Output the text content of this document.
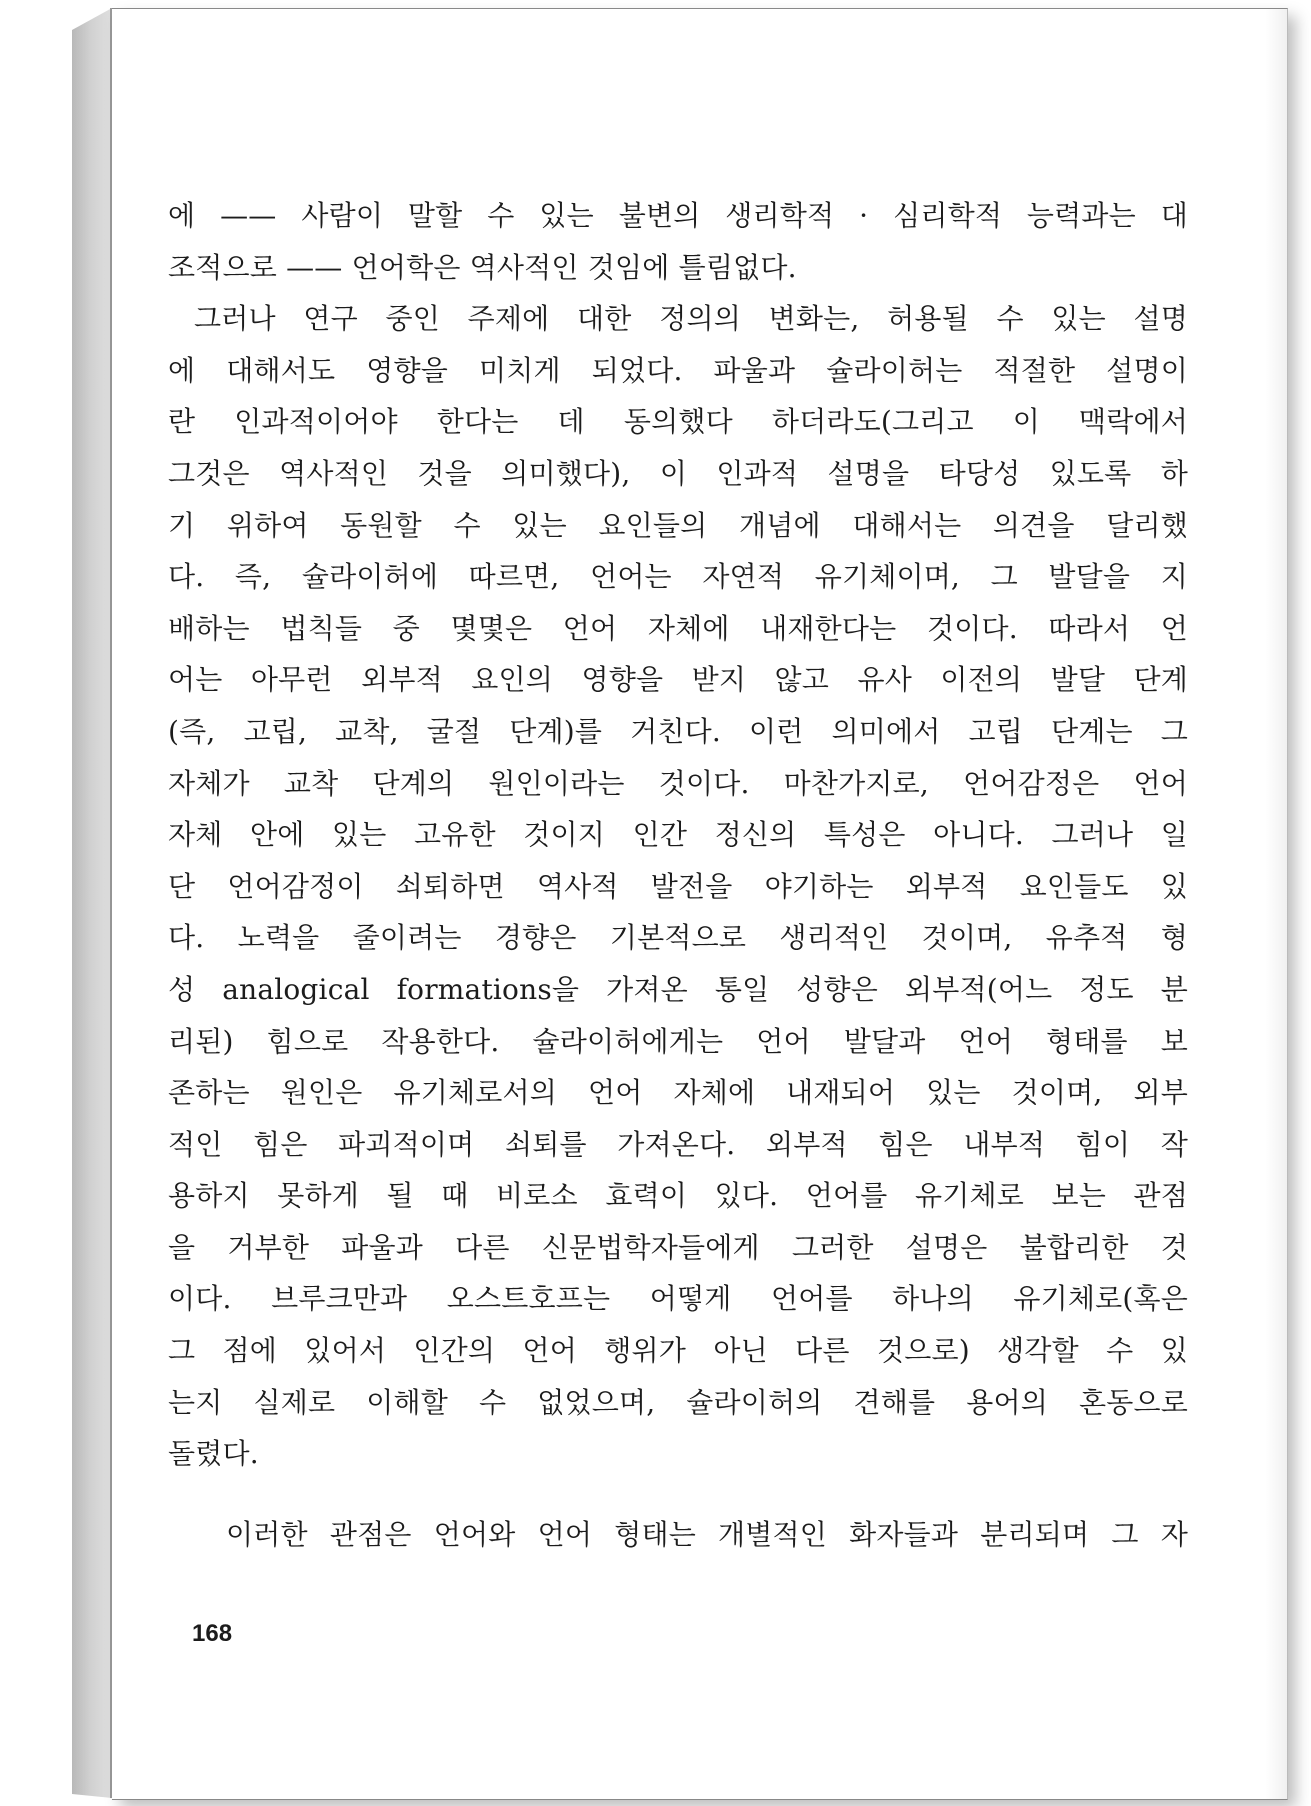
에 —— 사람이 말할 수 있는 불변의 생리학적 · 심리학적 능력과는 대
조적으로 —— 언어학은 역사적인 것임에 틀림없다.
그러나 연구 중인 주제에 대한 정의의 변화는, 허용될 수 있는 설명
에 대해서도 영향을 미치게 되었다. 파울과 슐라이허는 적절한 설명이
란 인과적이어야 한다는 데 동의했다 하더라도(그리고 이 맥락에서
그것은 역사적인 것을 의미했다), 이 인과적 설명을 타당성 있도록 하
기 위하여 동원할 수 있는 요인들의 개념에 대해서는 의견을 달리했
다. 즉, 슐라이허에 따르면, 언어는 자연적 유기체이며, 그 발달을 지
배하는 법칙들 중 몇몇은 언어 자체에 내재한다는 것이다. 따라서 언
어는 아무런 외부적 요인의 영향을 받지 않고 유사 이전의 발달 단계
(즉, 고립, 교착, 굴절 단계)를 거친다. 이런 의미에서 고립 단계는 그
자체가 교착 단계의 원인이라는 것이다. 마찬가지로, 언어감정은 언어
자체 안에 있는 고유한 것이지 인간 정신의 특성은 아니다. 그러나 일
단 언어감정이 쇠퇴하면 역사적 발전을 야기하는 외부적 요인들도 있
다. 노력을 줄이려는 경향은 기본적으로 생리적인 것이며, 유추적 형
성 analogical formations을 가져온 통일 성향은 외부적(어느 정도 분
리된) 힘으로 작용한다. 슐라이허에게는 언어 발달과 언어 형태를 보
존하는 원인은 유기체로서의 언어 자체에 내재되어 있는 것이며, 외부
적인 힘은 파괴적이며 쇠퇴를 가져온다. 외부적 힘은 내부적 힘이 작
용하지 못하게 될 때 비로소 효력이 있다. 언어를 유기체로 보는 관점
을 거부한 파울과 다른 신문법학자들에게 그러한 설명은 불합리한 것
이다. 브루크만과 오스트호프는 어떻게 언어를 하나의 유기체로(혹은
그 점에 있어서 인간의 언어 행위가 아닌 다른 것으로) 생각할 수 있
는지 실제로 이해할 수 없었으며, 슐라이허의 견해를 용어의 혼동으로
돌렸다.
이러한 관점은 언어와 언어 형태는 개별적인 화자들과 분리되며 그 자
168
